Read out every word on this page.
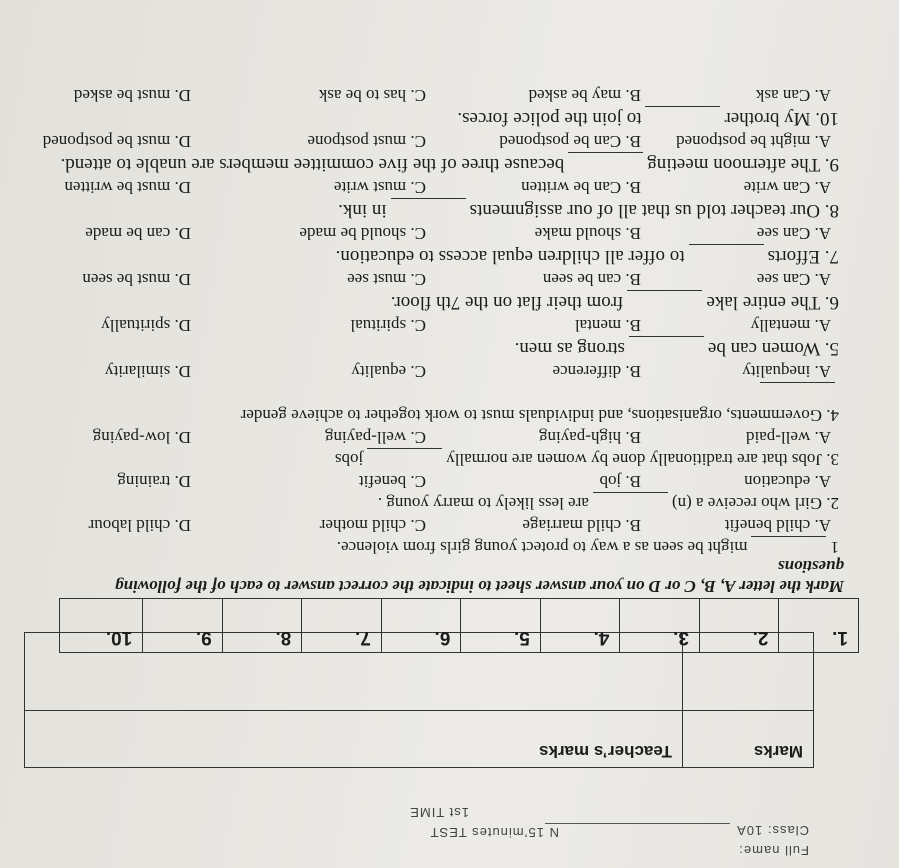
Full name:
Class: 10A
N 15’minutes TEST
1st TIME
Marks	Teacher’s marks

1.	2.	3.	4.	5.	6.	7.	8.	9.	10.
Mark the letter A, B, C or D on your answer sheet to indicate the correct answer to each of the following questions

1might be seen as a way to protect young girls from violence.

A. child benefit
B. child marriage
C. child mother
D. child labour

2. Girl who receive a (n)are less likely to marry young .

A. education
B. job
C. benefit
D. training

3. Jobs that are traditionally done by women are normallyjobs

A. well-paid
B. high-paying
C. well-paying
D. low-paying

4. Governments, organisations, and individuals must to work together to achieve gender

A. inequality
B. difference
C. equality
D. similarity

5. Women can bestrong as men.

A. mentally
B. mental
C. spiritual
D. spiritually

6. The entire lakefrom their flat on the 7th floor.

A. Can see
B. can be seen
C. must see
D. must be seen

7. Effortsto offer all children equal access to education.

A. Can see
B. should make
C. should be made
D. can be made

8. Our teacher told us that all of our assignmentsin ink.

A. Can write
B. Can be written
C. must write
D. must be written

9. The afternoon meetingbecause three of the five committee members are unable to attend.

A. might be postponed
B. Can be postponed
C. must postpone
D. must be postponed

10. My brotherto join the police forces.

A. Can ask
B. may be asked
C. has to be ask
D. must be asked
